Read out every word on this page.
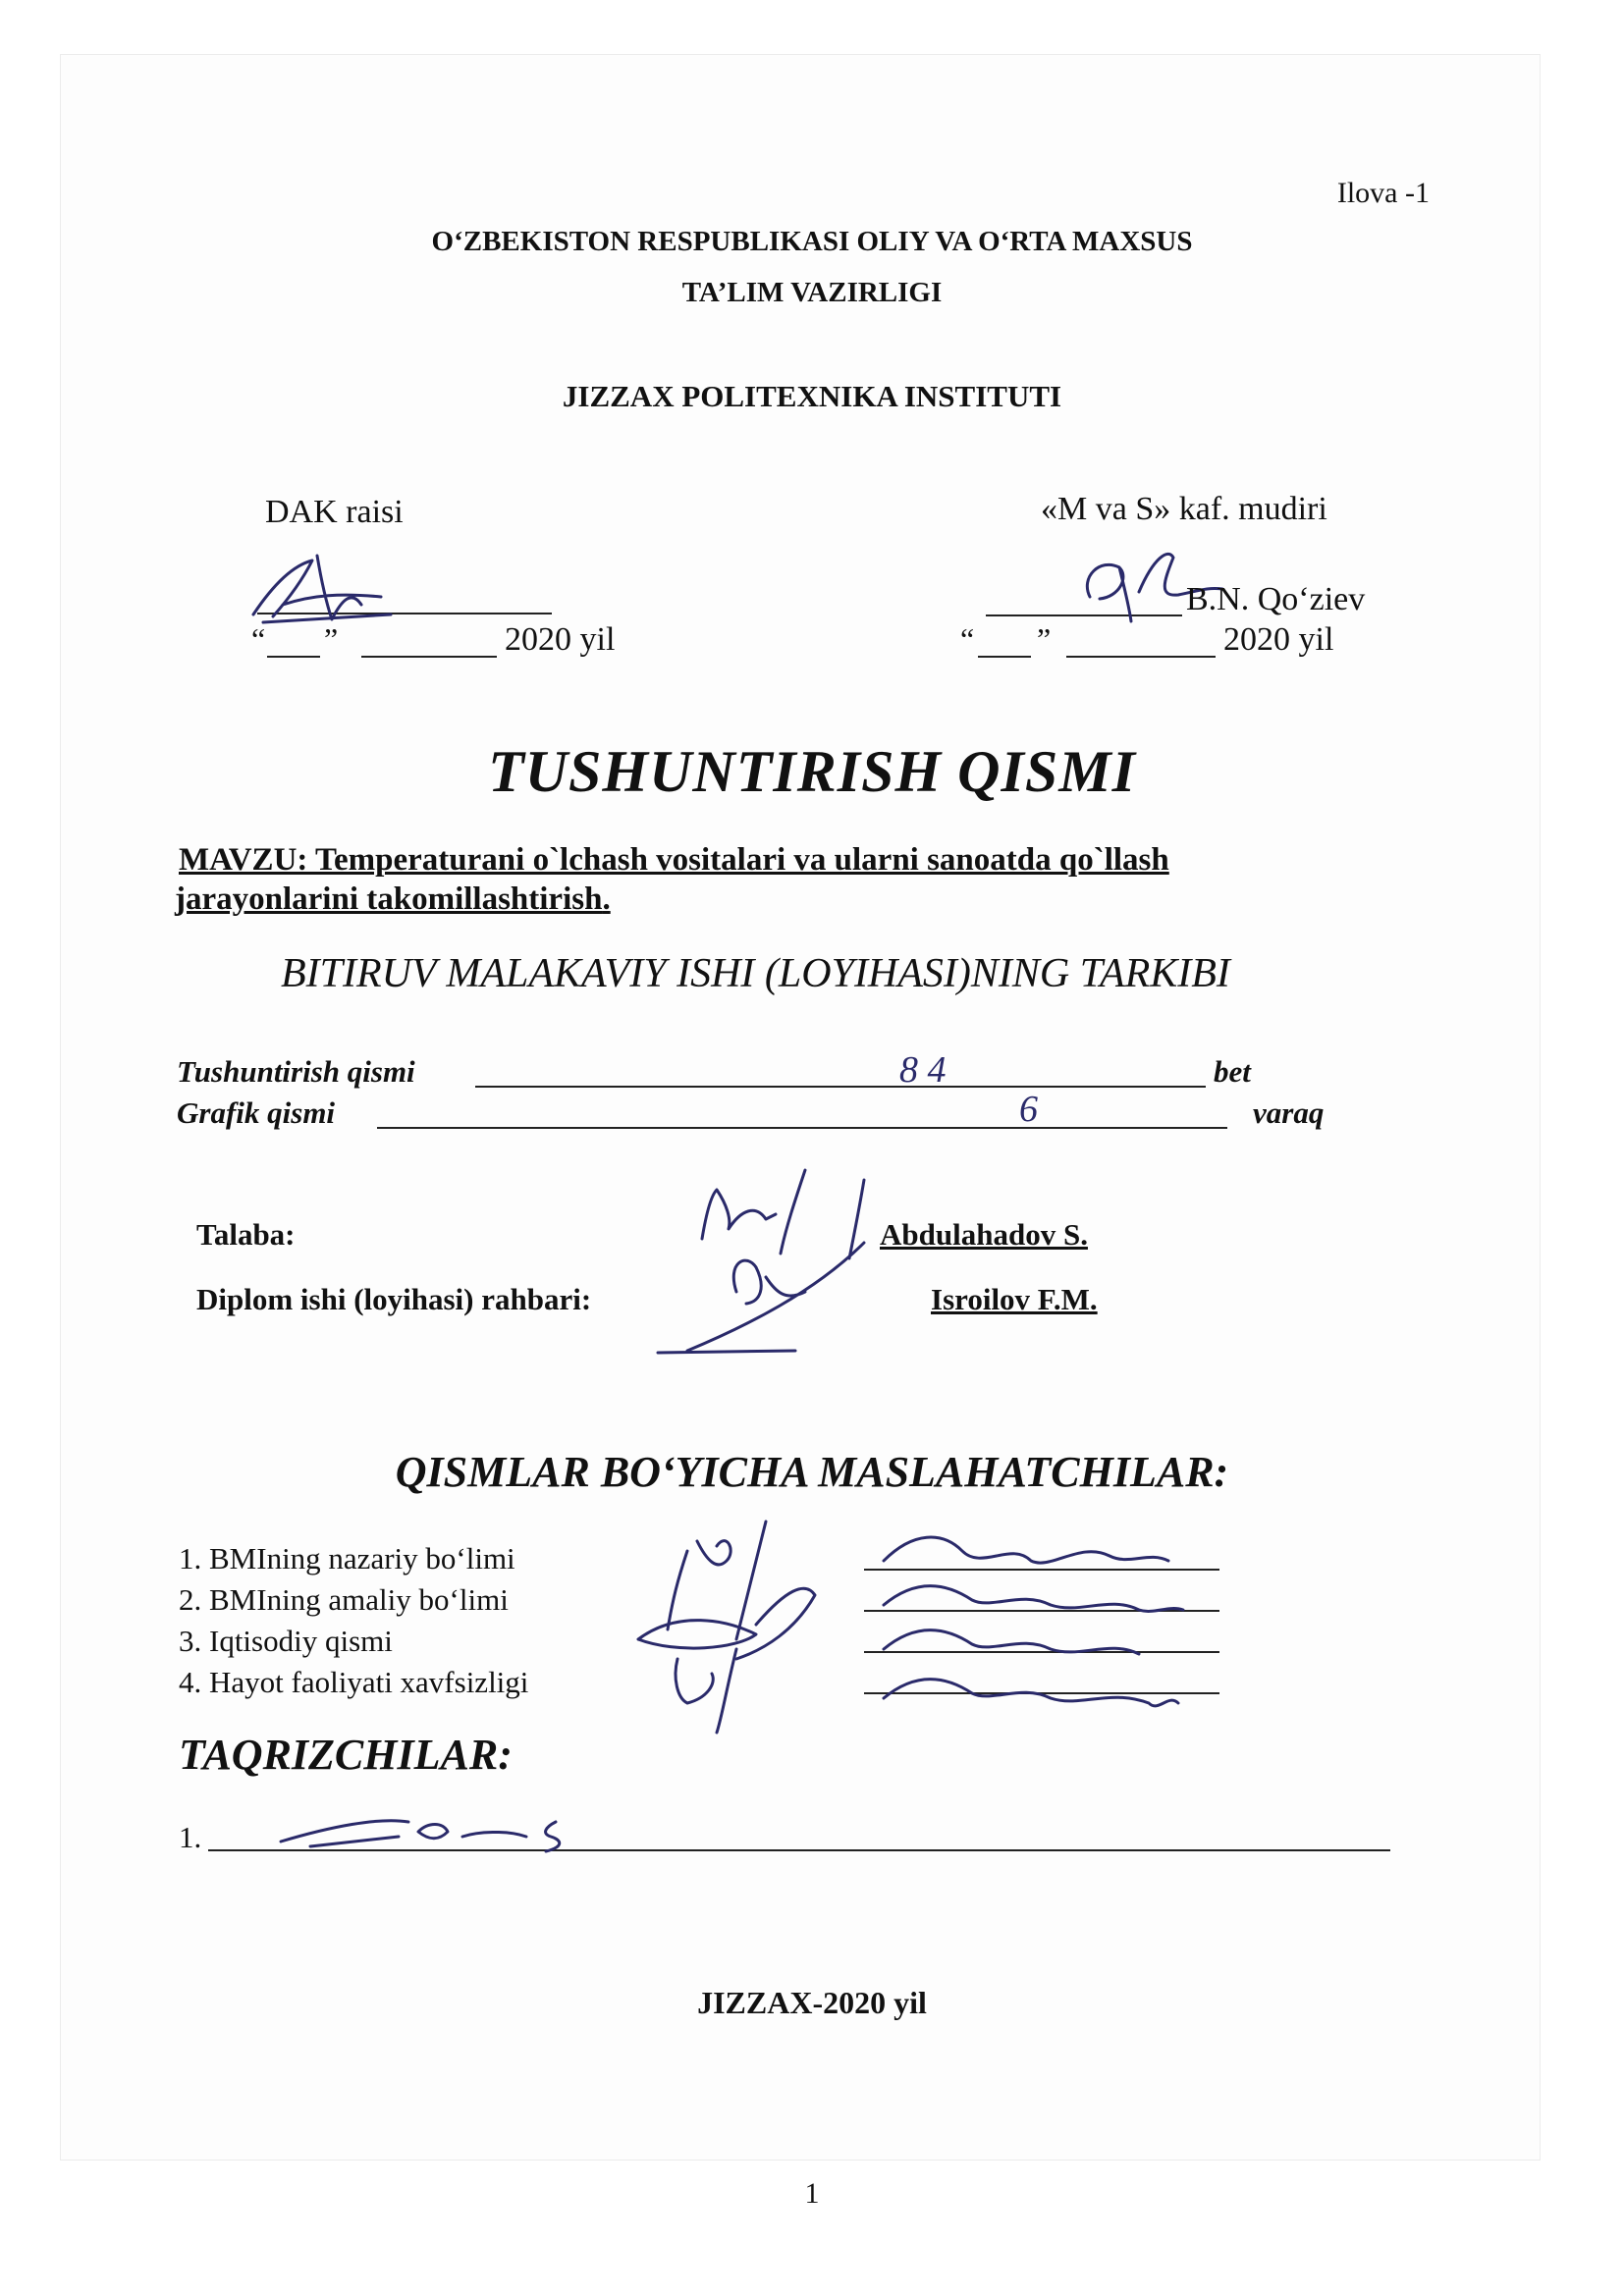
Ilova -1
O‘ZBEKISTON RESPUBLIKASI OLIY VA O‘RTA MAXSUS
TA’LIM VAZIRLIGI
JIZZAX POLITEXNIKA INSTITUTI
DAK raisi
“ ”	2020 yil
«M va S» kaf. mudiri
B.N. Qo‘ziev
“ ”	2020 yil
TUSHUNTIRISH QISMI
MAVZU: Temperaturani o`lchash vositalari va ularni sanoatda qo`llash
jarayonlarini takomillashtirish.
BITIRUV MALAKAVIY ISHI (LOYIHASI)NING TARKIBI
Tushuntirish qismi	8 4	bet
Grafik qismi	6	varaq
Talaba:	Abdulahadov S.
Diplom ishi (loyihasi) rahbari:	Isroilov F.M.
QISMLAR BO‘YICHA MASLAHATCHILAR:
1. BMIning nazariy bo‘limi
2. BMIning amaliy bo‘limi
3. Iqtisodiy qismi
4. Hayot faoliyati xavfsizligi
TAQRIZCHILAR:
1.
JIZZAX-2020 yil
1
